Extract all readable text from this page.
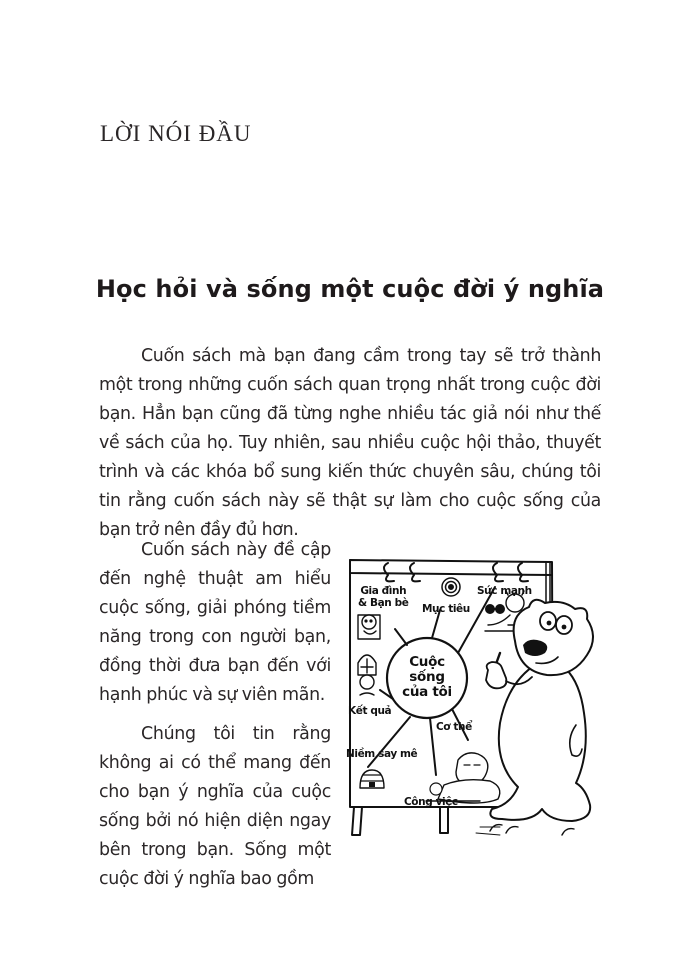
LỜI NÓI ĐẦU
Học hỏi và sống một cuộc đời ý nghĩa

Cuốn sách mà bạn đang cầm trong tay sẽ trở thành một trong những cuốn sách quan trọng nhất trong cuộc đời bạn. Hẳn bạn cũng đã từng nghe nhiều tác giả nói như thế về sách của họ. Tuy nhiên, sau nhiều cuộc hội thảo, thuyết trình và các khóa bổ sung kiến thức chuyên sâu, chúng tôi tin rằng cuốn sách này sẽ thật sự làm cho cuộc sống của bạn trở nên đầy đủ hơn.

Cuốn sách này đề cập đến nghệ thuật am hiểu cuộc sống, giải phóng tiềm năng trong con người bạn, đồng thời đưa bạn đến với hạnh phúc và sự viên mãn.

Chúng tôi tin rằng không ai có thể mang đến cho bạn ý nghĩa của cuộc sống bởi nó hiện diện ngay bên trong bạn. Sống một cuộc đời ý nghĩa bao gồm

Gia đình
& Bạn bè Mục tiêu
Sức mạnh
Kết quả
Cơ thể
Niềm say mê
Công việc
Cuộc
sống
của tôi
